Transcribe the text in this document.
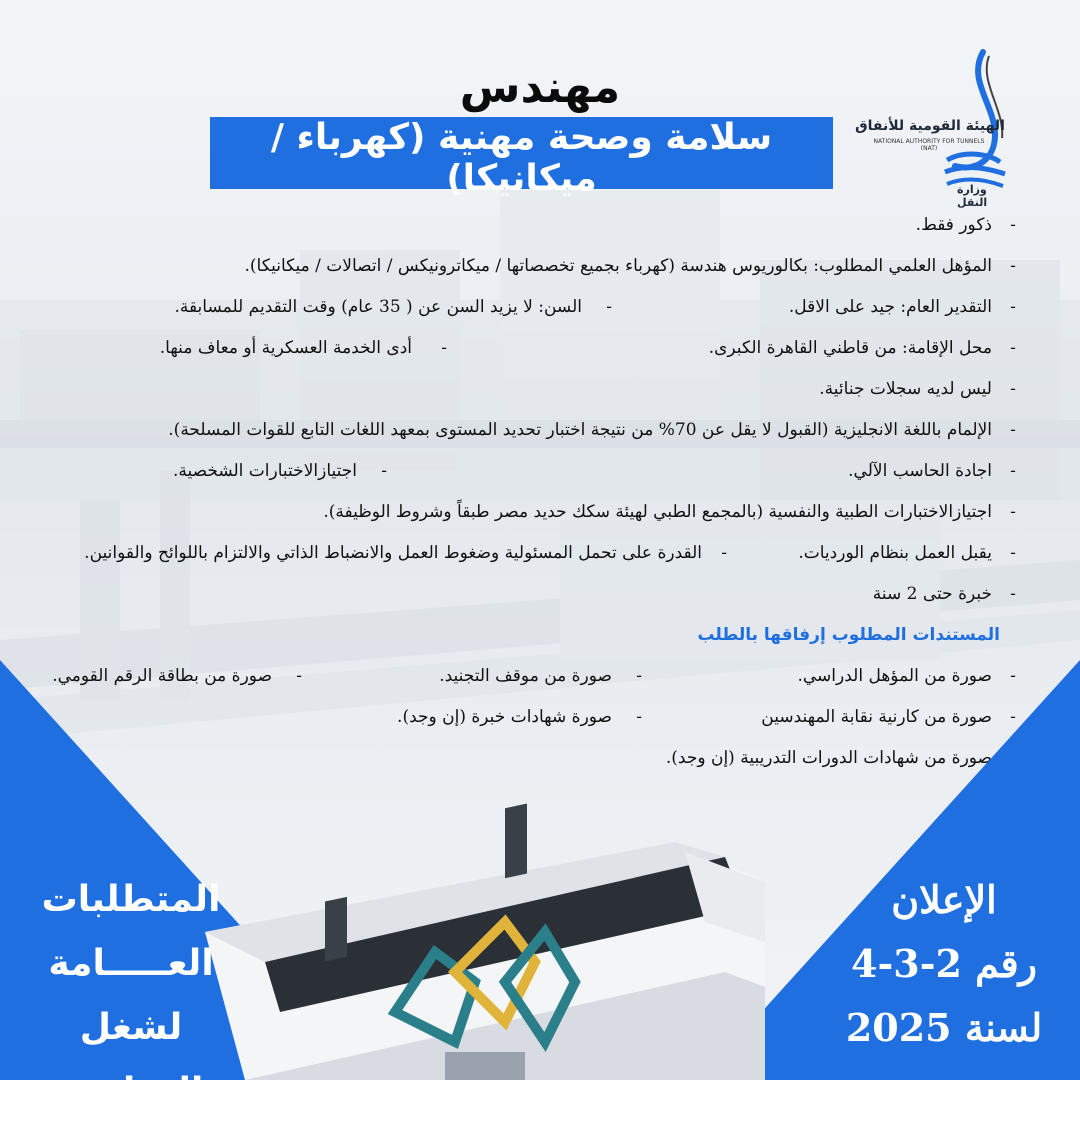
الهيئة القومية للأنفاق
NATIONAL AUTHORITY FOR TUNNELS (NAT)
وزارة النقل
مهندس
سلامة وصحة مهنية (كهرباء / ميكانيكا)
-
ذكور فقط.
-
المؤهل العلمي المطلوب: بكالوريوس هندسة (كهرباء بجميع تخصصاتها / ميكاترونيكس / اتصالات / ميكانيكا).
-
التقدير العام: جيد على الاقل.
-
السن: لا يزيد السن عن ( 35 عام) وقت التقديم للمسابقة.
-
محل الإقامة: من قاطني القاهرة الكبرى.
-
أدى الخدمة العسكرية أو معاف منها.
-
ليس لديه سجلات جنائية.
-
الإلمام باللغة الانجليزية (القبول لا يقل عن 70% من نتيجة اختبار تحديد المستوى بمعهد اللغات التابع للقوات المسلحة).
-
اجادة الحاسب الآلي.
-
اجتيازالاختبارات الشخصية.
-
اجتيازالاختبارات الطبية والنفسية (بالمجمع الطبي لهيئة سكك حديد مصر طبقاً وشروط الوظيفة).
-
يقبل العمل بنظام الورديات.
-
القدرة على تحمل المسئولية وضغوط العمل والانضباط الذاتي والالتزام باللوائح والقوانين.
-
خبرة حتى 2 سنة
المستندات المطلوب إرفاقها بالطلب
-
صورة من المؤهل الدراسي.
-
صورة من موقف التجنيد.
-
صورة من بطاقة الرقم القومي.
-
صورة من كارنية نقابة المهندسين
-
صورة شهادات خبرة (إن وجد).
-
صورة من شهادات الدورات التدريبية (إن وجد).
المتطلبات
العـــــامة
لشغل الوظيفة
الإعلان
رقم 2-3-4
لسنة 2025
